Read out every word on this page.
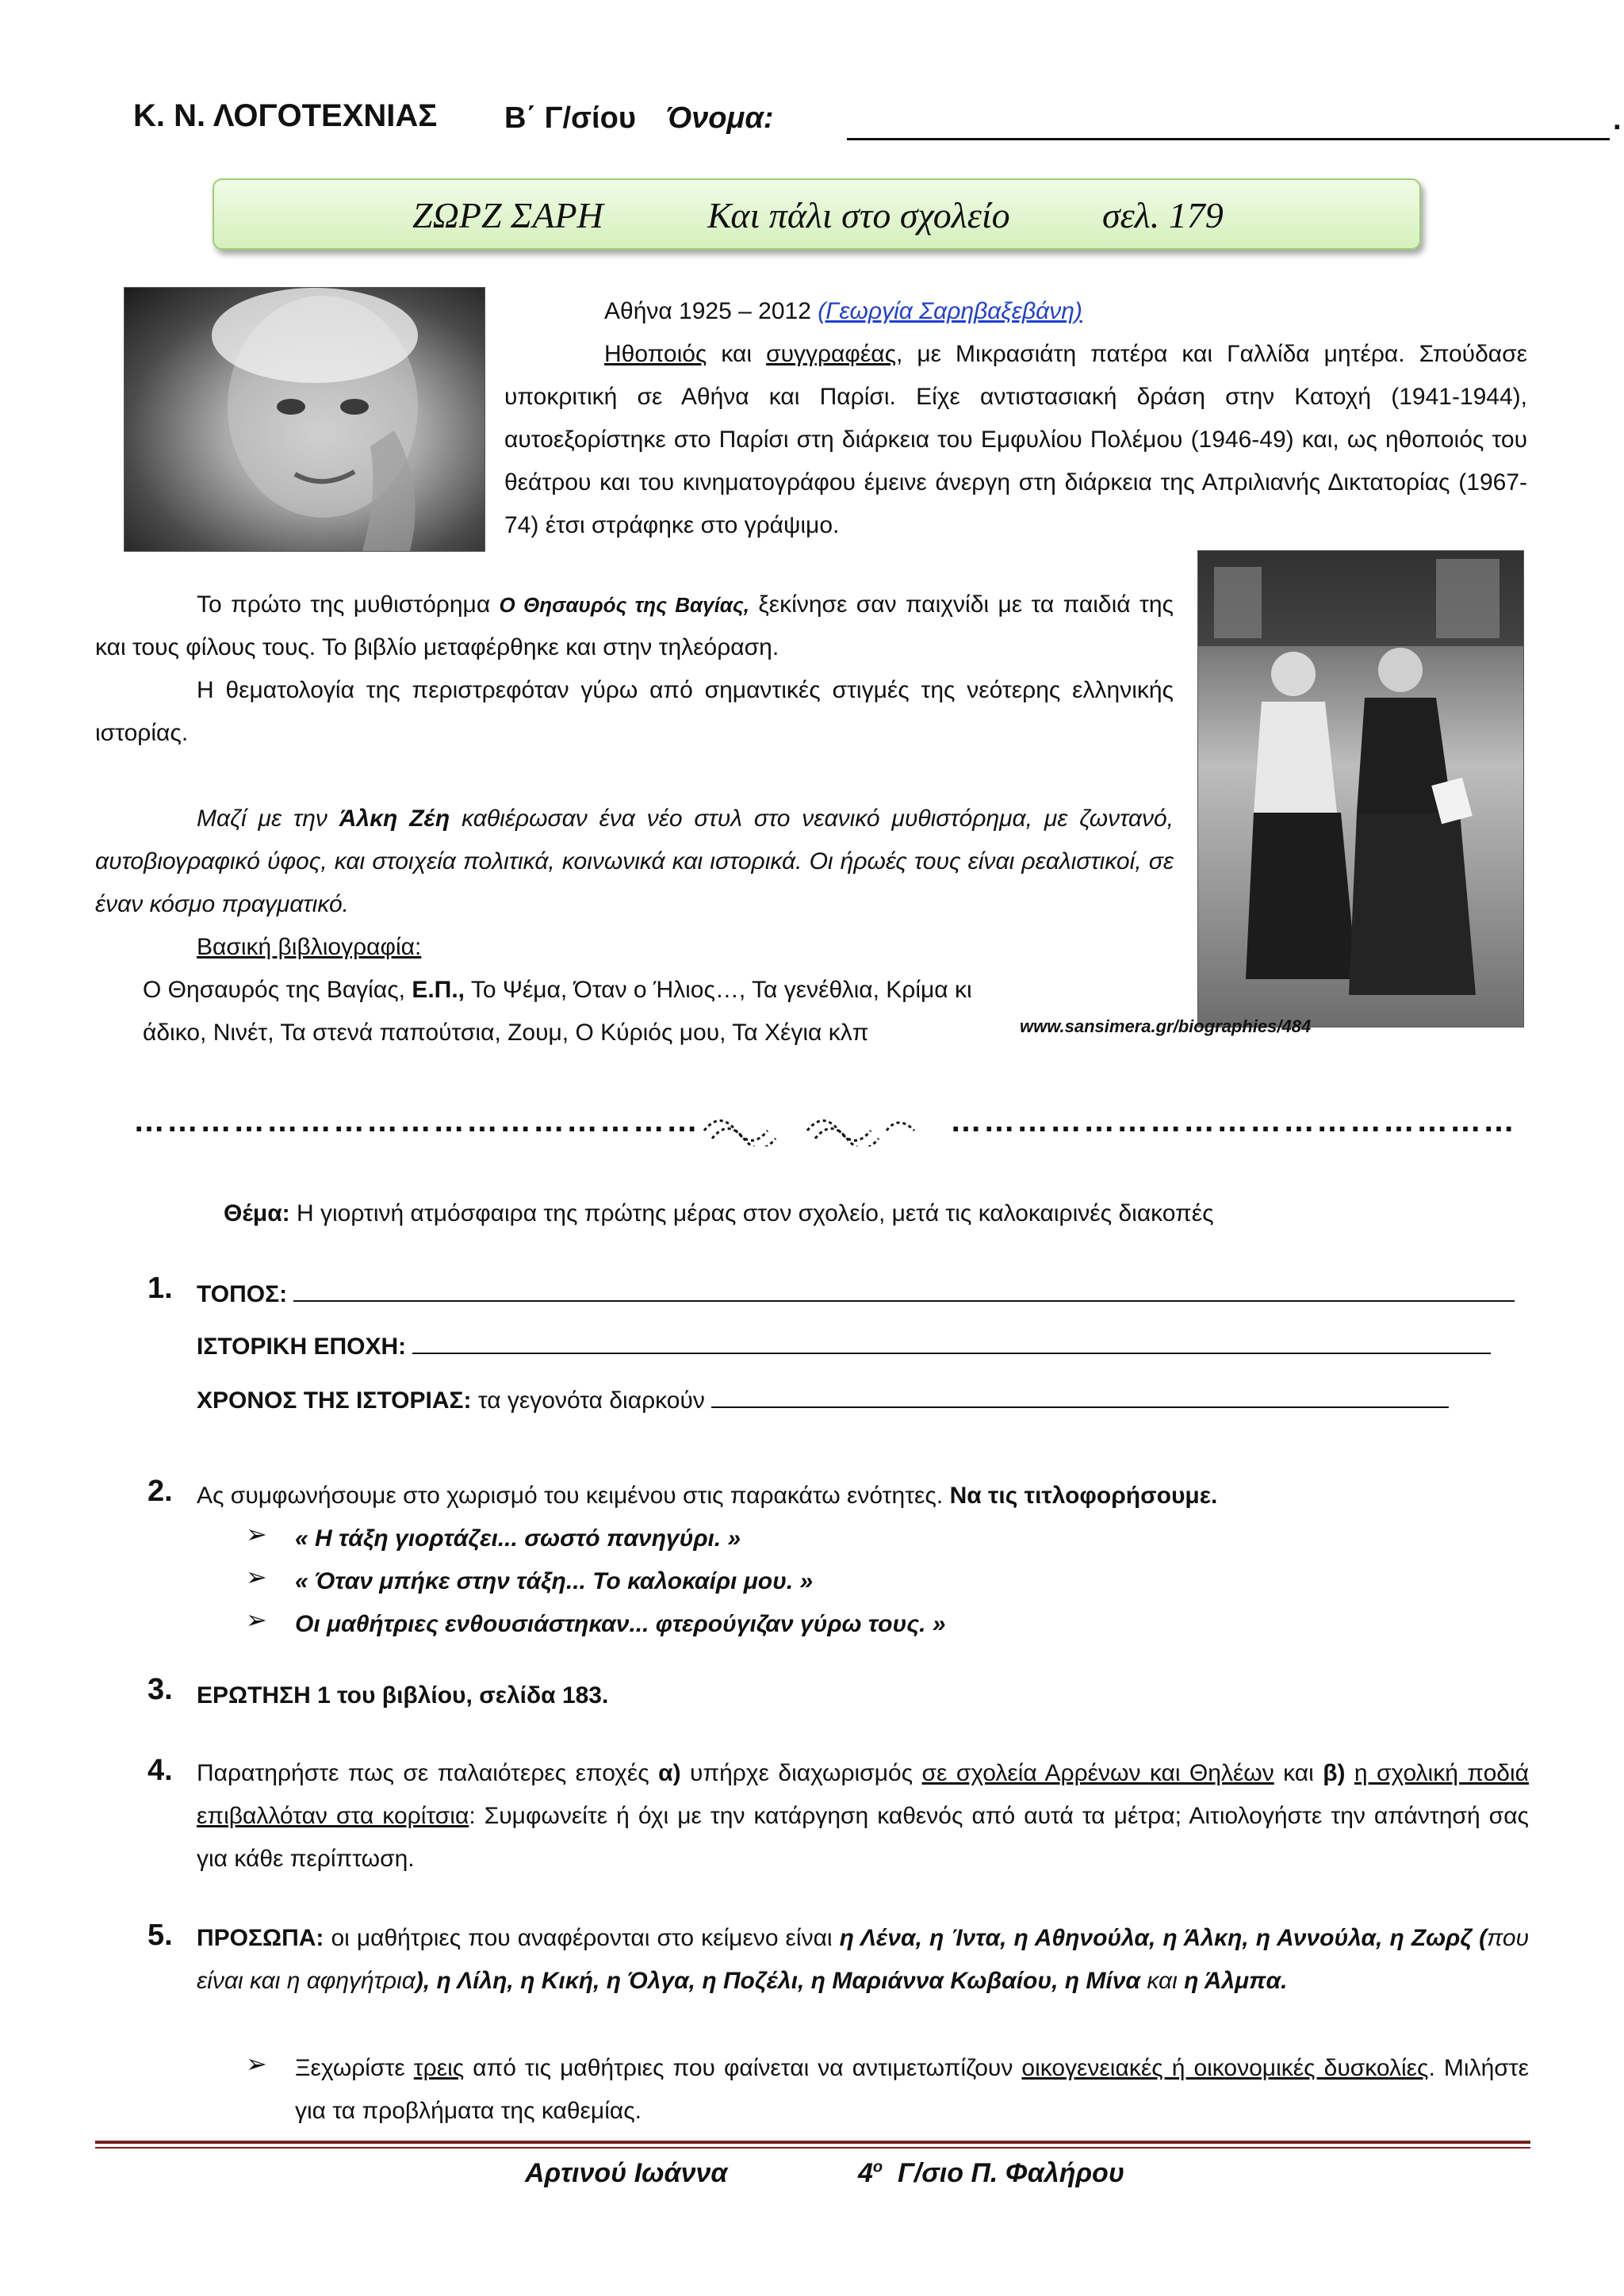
Κ. Ν. ΛΟΓΟΤΕΧΝΙΑΣ Β΄ Γ/σίου Όνομα:	.
ΖΩΡΖ ΣΑΡΗ	Και πάλι στο σχολείο	σελ. 179

Αθήνα 1925 – 2012 (Γεωργία Σαρηβαξεβάνη)

Ηθοποιός και συγγραφέας, με Μικρασιάτη πατέρα και Γαλλίδα μητέρα. Σπούδασε υποκριτική σε Αθήνα και Παρίσι. Είχε αντιστασιακή δράση στην Κατοχή (1941-1944), αυτοεξορίστηκε στο Παρίσι στη διάρκεια του Εμφυλίου Πολέμου (1946-49) και, ως ηθοποιός του θεάτρου και του κινηματογράφου έμεινε άνεργη στη διάρκεια της Απριλιανής Δικτατορίας (1967-74) έτσι στράφηκε στο γράψιμο.

Το πρώτο της μυθιστόρημα Ο Θησαυρός της Βαγίας, ξεκίνησε σαν παιχνίδι με τα παιδιά της και τους φίλους τους. Το βιβλίο μεταφέρθηκε και στην τηλεόραση.

Η θεματολογία της περιστρεφόταν γύρω από σημαντικές στιγμές της νεότερης ελληνικής ιστορίας.

Μαζί με την Άλκη Ζέη καθιέρωσαν ένα νέο στυλ στο νεανικό μυθιστόρημα, με ζωντανό, αυτοβιογραφικό ύφος, και στοιχεία πολιτικά, κοινωνικά και ιστορικά. Οι ήρωές τους είναι ρεαλιστικοί, σε έναν κόσμο πραγματικό.

Βασική βιβλιογραφία:

Ο Θησαυρός της Βαγίας, Ε.Π., Το Ψέμα, Όταν ο Ήλιος…, Τα γενέθλια, Κρίμα κι

άδικο, Νινέτ, Τα στενά παπούτσια, Ζουμ, Ο Κύριός μου, Τα Χέγια κλπ	www.sansimera.gr/biographies/484
……………………………………………	……………………………………………
Θέμα: Η γιορτινή ατμόσφαιρα της πρώτης μέρας στον σχολείο, μετά τις καλοκαιρινές διακοπές
1. ΤΟΠΟΣ:
ΙΣΤΟΡΙΚΗ ΕΠΟΧΗ:
ΧΡΟΝΟΣ ΤΗΣ ΙΣΤΟΡΙΑΣ: τα γεγονότα διαρκούν
2. Ας συμφωνήσουμε στο χωρισμό του κειμένου στις παρακάτω ενότητες. Να τις τιτλοφορήσουμε.
➢ « Η τάξη γιορτάζει... σωστό πανηγύρι. »
➢ « Όταν μπήκε στην τάξη... Το καλοκαίρι μου. »
➢ Οι μαθήτριες ενθουσιάστηκαν... φτερούγιζαν γύρω τους. »
3. ΕΡΩΤΗΣΗ 1 του βιβλίου, σελίδα 183.
4. Παρατηρήστε πως σε παλαιότερες εποχές α) υπήρχε διαχωρισμός σε σχολεία Αρρένων και Θηλέων και β) η σχολική ποδιά επιβαλλόταν στα κορίτσια: Συμφωνείτε ή όχι με την κατάργηση καθενός από αυτά τα μέτρα; Αιτιολογήστε την απάντησή σας για κάθε περίπτωση.
5. ΠΡΟΣΩΠΑ: οι μαθήτριες που αναφέρονται στο κείμενο είναι η Λένα, η Ίντα, η Αθηνούλα, η Άλκη, η Αννούλα, η Ζωρζ (που είναι και η αφηγήτρια), η Λίλη, η Κική, η Όλγα, η Ποζέλι, η Μαριάννα Κωβαίου, η Μίνα και η Άλμπα.
➢ Ξεχωρίστε τρεις από τις μαθήτριες που φαίνεται να αντιμετωπίζουν οικογενειακές ή οικονομικές δυσκολίες. Μιλήστε για τα προβλήματα της καθεμίας.
Αρτινού Ιωάννα	$4^o$ Γ/σιο Π. Φαλήρου
